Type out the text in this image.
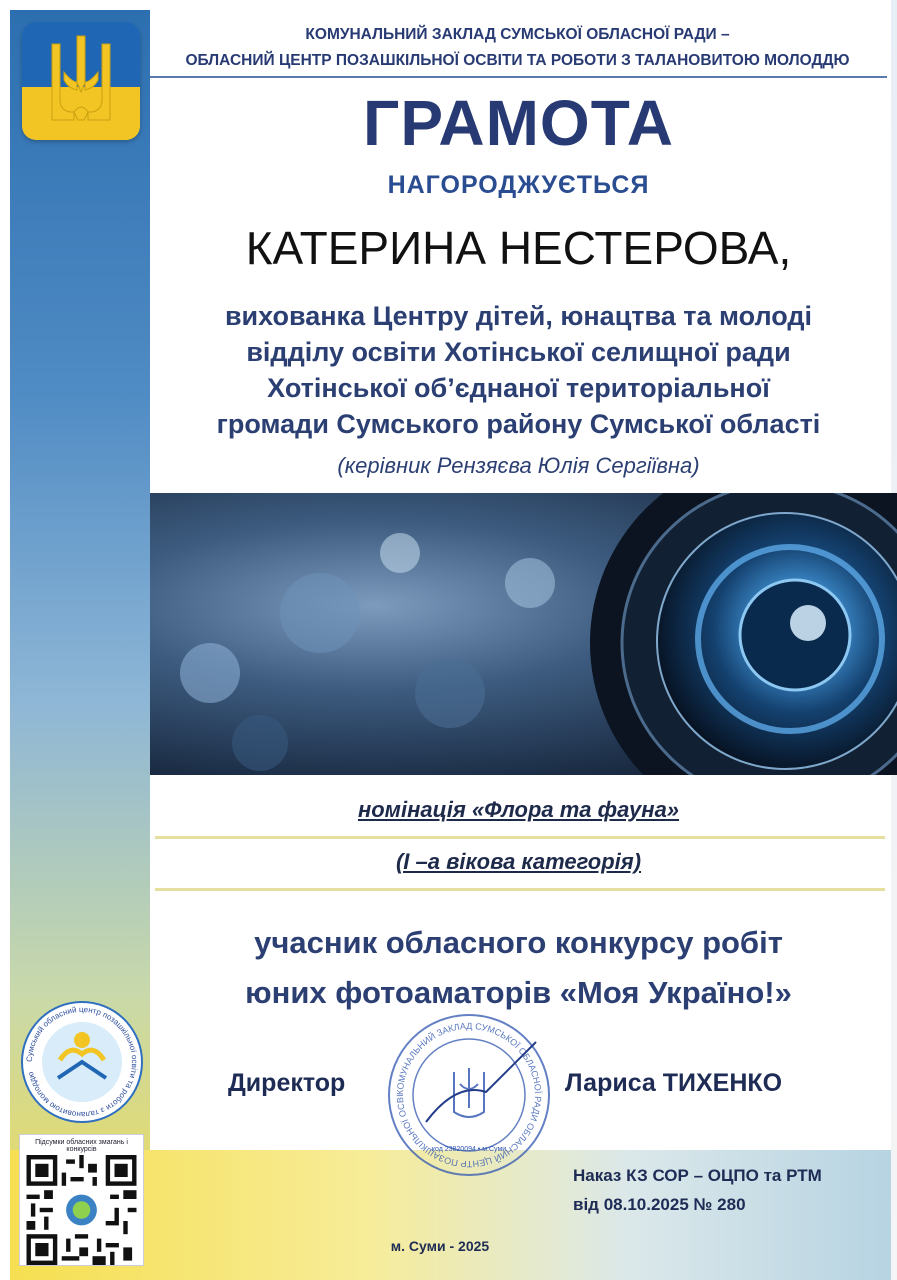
КОМУНАЛЬНИЙ ЗАКЛАД СУМСЬКОЇ ОБЛАСНОЇ РАДИ –
ОБЛАСНИЙ ЦЕНТР ПОЗАШКІЛЬНОЇ ОСВІТИ ТА РОБОТИ З ТАЛАНОВИТОЮ МОЛОДДЮ
ГРАМОТА
НАГОРОДЖУЄТЬСЯ
КАТЕРИНА НЕСТЕРОВА,
вихованка Центру дітей, юнацтва та молоді
відділу освіти Хотінської селищної ради
Хотінської об’єднаної територіальної
громади Сумського району Сумської області
(керівник Рензяєва Юлія Сергіївна)
номінація «Флора та фауна»
(І –а вікова категорія)
учасник обласного конкурсу робіт
юних фотоаматорів «Моя Україно!»
Сумський обласний центр позашкільної освіти та роботи з талановитою молоддю	Директор	Лариса ТИХЕНКО
КОМУНАЛЬНИЙ ЗАКЛАД СУМСЬКОЇ ОБЛАСНОЇ РАДИ ОБЛАСНИЙ ЦЕНТР ПОЗАШКІЛЬНОЇ ОСВІ
код 23820094 • м.Суми
Підсумки обласних змагань і конкурсів
Наказ КЗ СОР – ОЦПО та РТМ
від 08.10.2025 № 280
м. Суми - 2025
